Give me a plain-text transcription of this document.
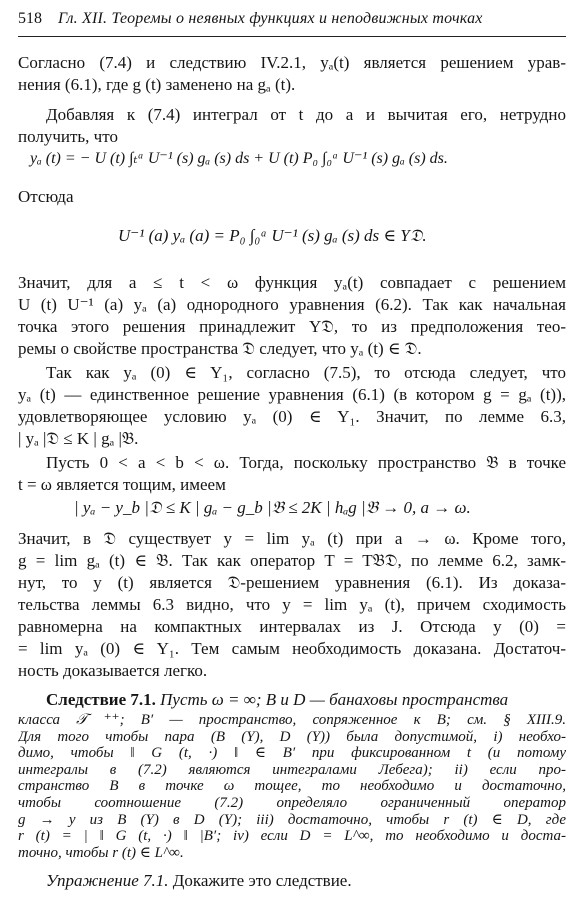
518 Гл. XII. Теоремы о неявных функциях и неподвижных точках
Согласно (7.4) и следствию IV.2.1, yₐ(t) является решением урав-
нения (6.1), где g (t) заменено на gₐ (t).
Добавляя к (7.4) интеграл от t до a и вычитая его, нетрудно
получить, что
yₐ (t) = − U (t) ∫ₜᵃ U⁻¹ (s) gₐ (s) ds + U (t) P₀ ∫₀ᵃ U⁻¹ (s) gₐ (s) ds.
Отсюда
U⁻¹ (a) yₐ (a) = P₀ ∫₀ᵃ U⁻¹ (s) gₐ (s) ds ∈ Y𝔇.
Значит, для a ≤ t < ω функция yₐ(t) совпадает с решением
U (t) U⁻¹ (a) yₐ (a) однородного уравнения (6.2). Так как начальная
точка этого решения принадлежит Y𝔇, то из предположения тео-
ремы о свойстве пространства 𝔇 следует, что yₐ (t) ∈ 𝔇.
Так как yₐ (0) ∈ Y₁, согласно (7.5), то отсюда следует, что
yₐ (t) — единственное решение уравнения (6.1) (в котором g = gₐ (t)),
удовлетворяющее условию yₐ (0) ∈ Y₁. Значит, по лемме 6.3,
| yₐ |𝔇 ≤ K | gₐ |𝔅.
Пусть 0 < a < b < ω. Тогда, поскольку пространство 𝔅 в точке
t = ω является тощим, имеем
| yₐ − y_b |𝔇 ≤ K | gₐ − g_b |𝔅 ≤ 2K | hₐg |𝔅 → 0, a → ω.
Значит, в 𝔇 существует y = lim yₐ (t) при a → ω. Кроме того,
g = lim gₐ (t) ∈ 𝔅. Так как оператор T = T𝔅𝔇, по лемме 6.2, замк-
нут, то y (t) является 𝔇-решением уравнения (6.1). Из доказа-
тельства леммы 6.3 видно, что y = lim yₐ (t), причем сходимость
равномерна на компактных интервалах из J. Отсюда y (0) =
= lim yₐ (0) ∈ Y₁. Тем самым необходимость доказана. Достаточ-
ность доказывается легко.
Следствие 7.1. Пусть ω = ∞; B и D — банаховы пространства
Упражнение 7.1. Докажите это следствие.
класса 𝒯 ⁺⁺; B′ — пространство, сопряженное к B; см. § XIII.9.
Для того чтобы пара (B (Y), D (Y)) была допустимой, i) необхо-
димо, чтобы ‖ G (t, ·) ‖ ∈ B′ при фиксированном t (и потому
интегралы в (7.2) являются интегралами Лебега); ii) если про-
странство B в точке ω тощее, то необходимо и достаточно,
чтобы соотношение (7.2) определяло ограниченный оператор
g → y из B (Y) в D (Y); iii) достаточно, чтобы r (t) ∈ D, где
r (t) = | ‖ G (t, ·) ‖ |B′; iv) если D = L^∞, то необходимо и доста-
точно, чтобы r (t) ∈ L^∞.
